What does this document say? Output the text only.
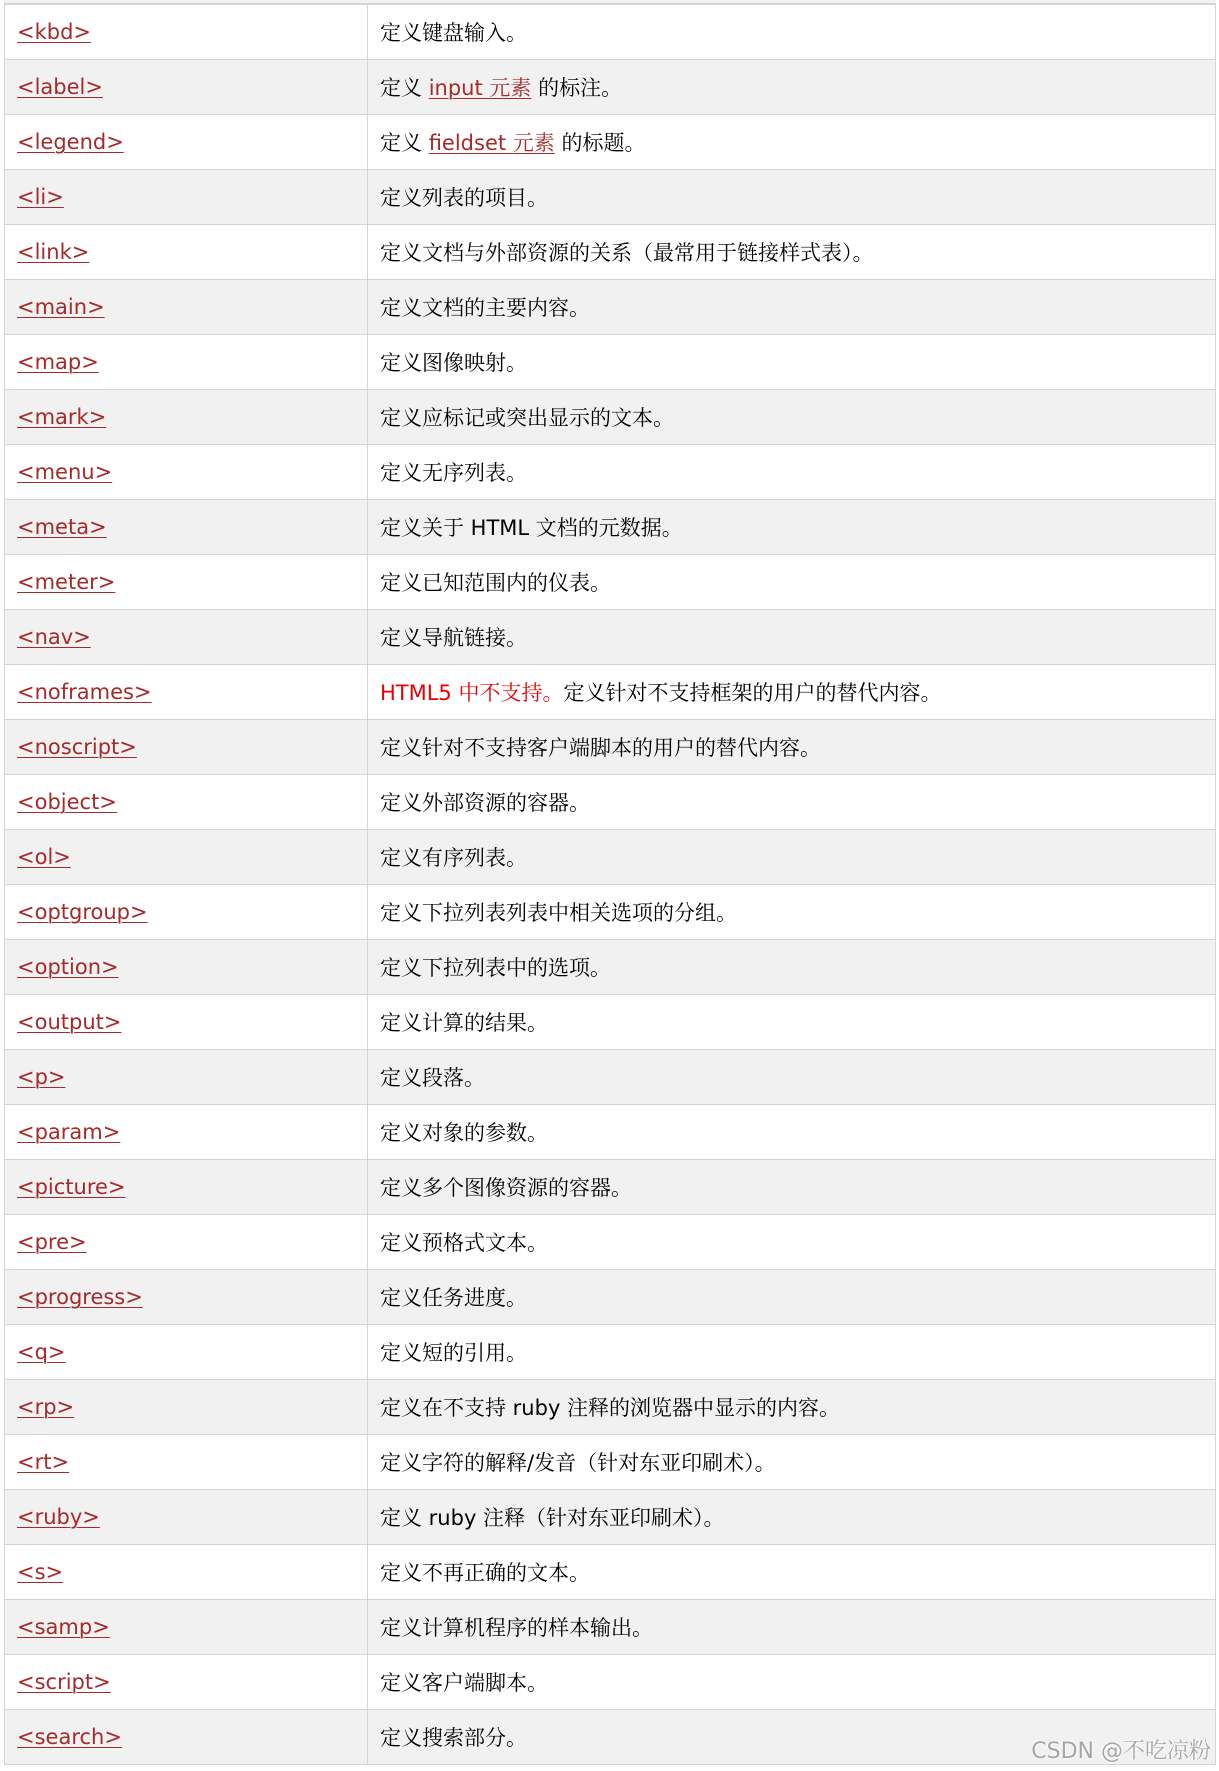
<kbd>	定义键盘输入。
<label>	定义 input 元素 的标注。
<legend>	定义 fieldset 元素 的标题。
<li>	定义列表的项目。
<link>	定义文档与外部资源的关系（最常用于链接样式表）。
<main>	定义文档的主要内容。
<map>	定义图像映射。
<mark>	定义应标记或突出显示的文本。
<menu>	定义无序列表。
<meta>	定义关于 HTML 文档的元数据。
<meter>	定义已知范围内的仪表。
<nav>	定义导航链接。
<noframes>	HTML5 中不支持。定义针对不支持框架的用户的替代内容。
<noscript>	定义针对不支持客户端脚本的用户的替代内容。
<object>	定义外部资源的容器。
<ol>	定义有序列表。
<optgroup>	定义下拉列表列表中相关选项的分组。
<option>	定义下拉列表中的选项。
<output>	定义计算的结果。
<p>	定义段落。
<param>	定义对象的参数。
<picture>	定义多个图像资源的容器。
<pre>	定义预格式文本。
<progress>	定义任务进度。
<q>	定义短的引用。
<rp>	定义在不支持 ruby 注释的浏览器中显示的内容。
<rt>	定义字符的解释/发音（针对东亚印刷术）。
<ruby>	定义 ruby 注释（针对东亚印刷术）。
<s>	定义不再正确的文本。
<samp>	定义计算机程序的样本输出。
<script>	定义客户端脚本。
<search>	定义搜索部分。
CSDN @不吃凉粉
